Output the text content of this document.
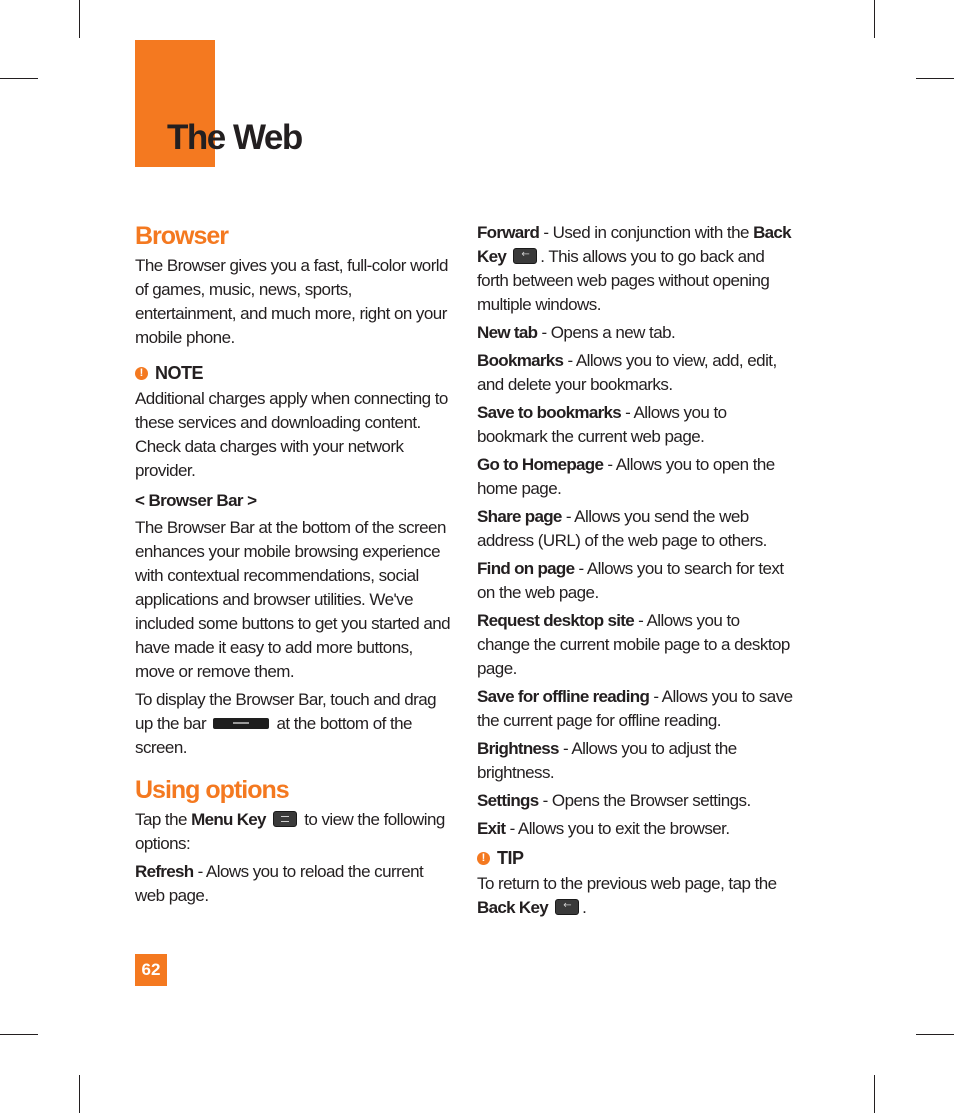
The Web
Browser

The Browser gives you a fast, full-color world of games, music, news, sports, entertainment, and much more, right on your mobile phone.

! NOTE

Additional charges apply when connecting to these services and downloading content. Check data charges with your network provider.

< Browser Bar >

The Browser Bar at the bottom of the screen enhances your mobile browsing experience with contextual recommendations, social applications and browser utilities. We've included some buttons to get you started and have made it easy to add more buttons, move or remove them.

To display the Browser Bar, touch and drag up the bar	at the bottom of the screen.

Using options

Tap the Menu Key to view the following options:

Refresh - Alows you to reload the current web page.

Forward - Used in conjunction with the Back Key ← . This allows you to go back and forth between web pages without opening multiple windows.

New tab - Opens a new tab.

Bookmarks - Allows you to view, add, edit, and delete your bookmarks.

Save to bookmarks - Allows you to bookmark the current web page.

Go to Homepage - Allows you to open the home page.

Share page - Allows you send the web address (URL) of the web page to others.

Find on page - Allows you to search for text on the web page.

Request desktop site - Allows you to change the current mobile page to a desktop page.

Save for offline reading - Allows you to save the current page for offline reading.

Brightness - Allows you to adjust the brightness.

Settings - Opens the Browser settings.

Exit - Allows you to exit the browser.

! TIP

To return to the previous web page, tap the
Back Key ← .

62
